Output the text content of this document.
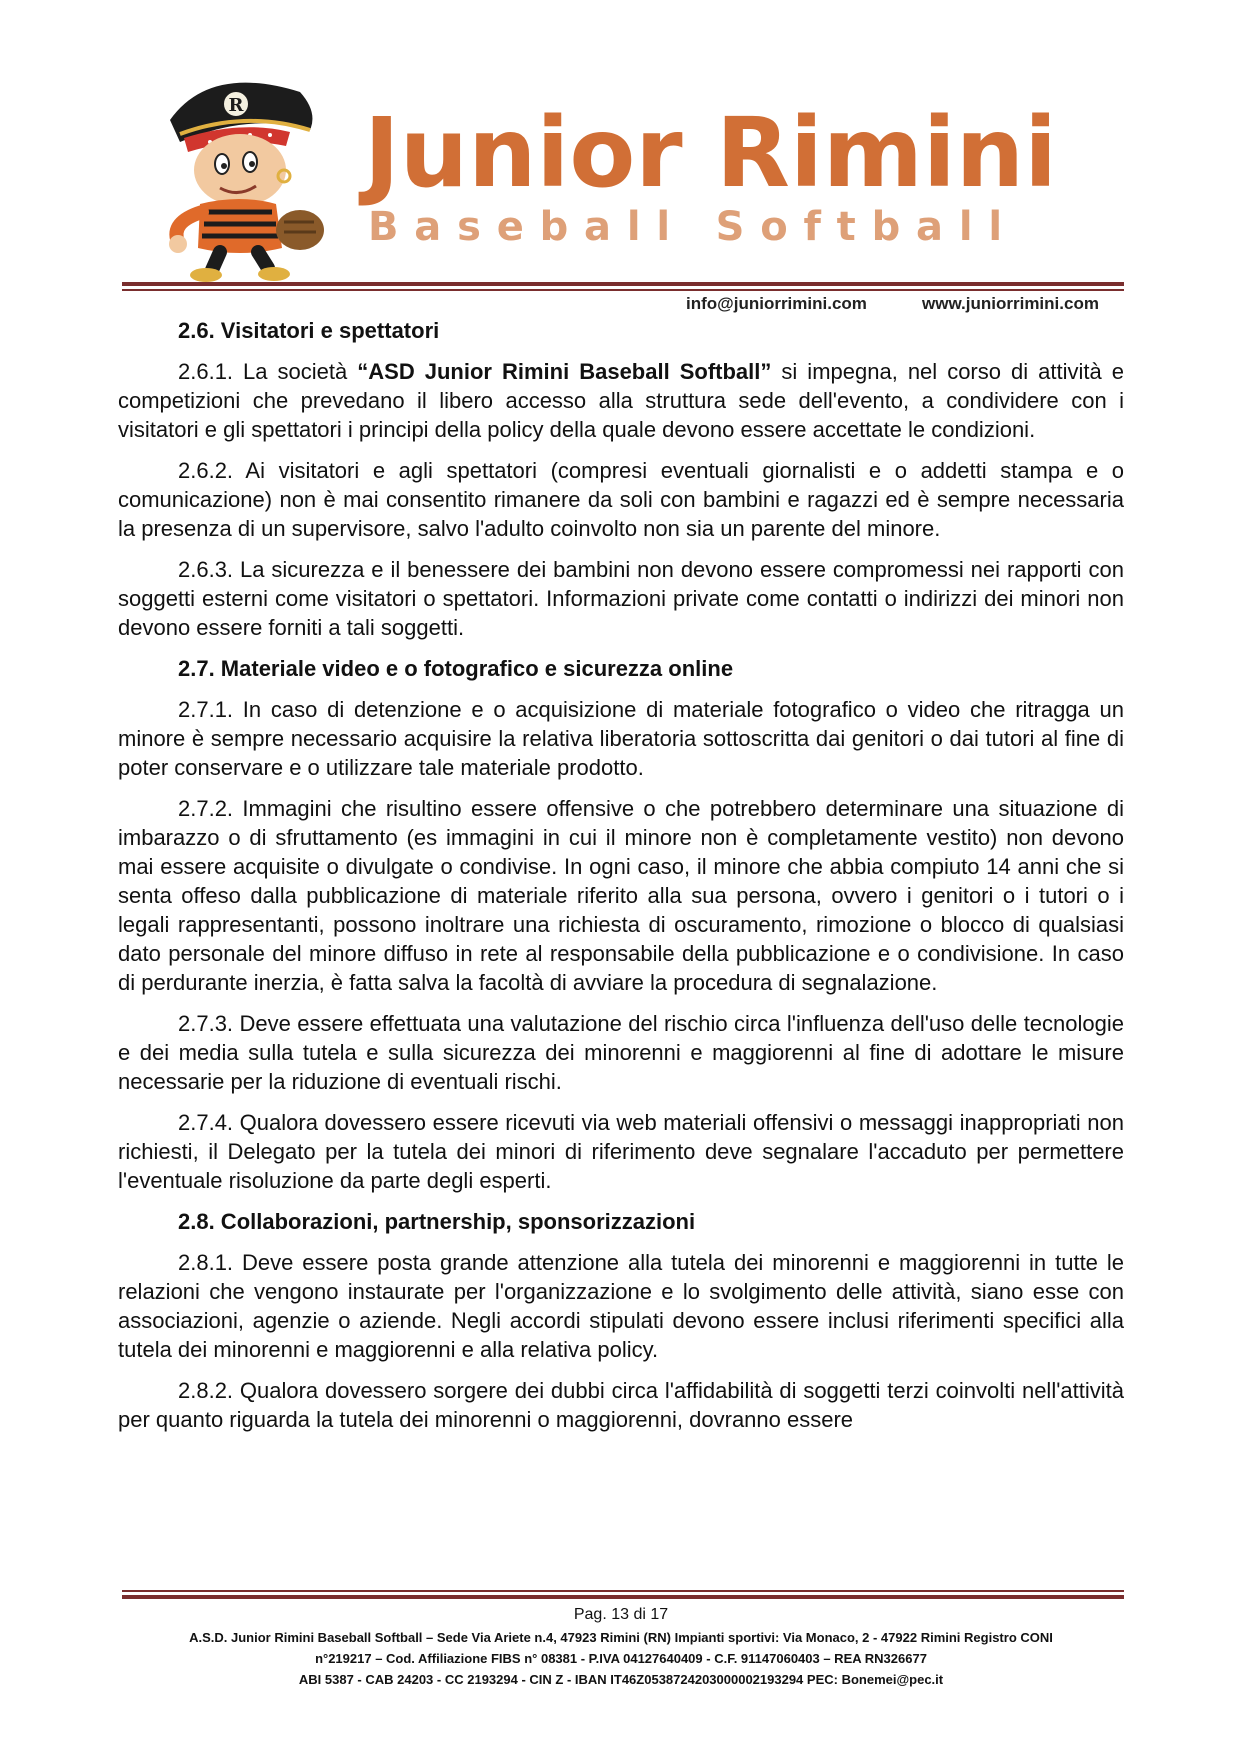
R Junior Rimini
Baseball Softball
info@juniorrimini.com	www.juniorrimini.com
2.6. Visitatori e spettatori

2.6.1. La società “ASD Junior Rimini Baseball Softball” si impegna, nel corso di attività e competizioni che prevedano il libero accesso alla struttura sede dell'evento, a condividere con i visitatori e gli spettatori i principi della policy della quale devono essere accettate le condizioni.

2.6.2. Ai visitatori e agli spettatori (compresi eventuali giornalisti e o addetti stampa e o comunicazione) non è mai consentito rimanere da soli con bambini e ragazzi ed è sempre necessaria la presenza di un supervisore, salvo l'adulto coinvolto non sia un parente del minore.

2.6.3. La sicurezza e il benessere dei bambini non devono essere compromessi nei rapporti con soggetti esterni come visitatori o spettatori. Informazioni private come contatti o indirizzi dei minori non devono essere forniti a tali soggetti.

2.7. Materiale video e o fotografico e sicurezza online

2.7.1. In caso di detenzione e o acquisizione di materiale fotografico o video che ritragga un minore è sempre necessario acquisire la relativa liberatoria sottoscritta dai genitori o dai tutori al fine di poter conservare e o utilizzare tale materiale prodotto.

2.7.2. Immagini che risultino essere offensive o che potrebbero determinare una situazione di imbarazzo o di sfruttamento (es immagini in cui il minore non è completamente vestito) non devono mai essere acquisite o divulgate o condivise. In ogni caso, il minore che abbia compiuto 14 anni che si senta offeso dalla pubblicazione di materiale riferito alla sua persona, ovvero i genitori o i tutori o i legali rappresentanti, possono inoltrare una richiesta di oscuramento, rimozione o blocco di qualsiasi dato personale del minore diffuso in rete al responsabile della pubblicazione e o condivisione. In caso di perdurante inerzia, è fatta salva la facoltà di avviare la procedura di segnalazione.

2.7.3. Deve essere effettuata una valutazione del rischio circa l'influenza dell'uso delle tecnologie e dei media sulla tutela e sulla sicurezza dei minorenni e maggiorenni al fine di adottare le misure necessarie per la riduzione di eventuali rischi.

2.7.4. Qualora dovessero essere ricevuti via web materiali offensivi o messaggi inappropriati non richiesti, il Delegato per la tutela dei minori di riferimento deve segnalare l'accaduto per permettere l'eventuale risoluzione da parte degli esperti.

2.8. Collaborazioni, partnership, sponsorizzazioni

2.8.1. Deve essere posta grande attenzione alla tutela dei minorenni e maggiorenni in tutte le relazioni che vengono instaurate per l'organizzazione e lo svolgimento delle attività, siano esse con associazioni, agenzie o aziende. Negli accordi stipulati devono essere inclusi riferimenti specifici alla tutela dei minorenni e maggiorenni e alla relativa policy.

2.8.2. Qualora dovessero sorgere dei dubbi circa l'affidabilità di soggetti terzi coinvolti nell'attività per quanto riguarda la tutela dei minorenni o maggiorenni, dovranno essere

Pag. 13 di 17
A.S.D. Junior Rimini Baseball Softball – Sede Via Ariete n.4, 47923 Rimini (RN) Impianti sportivi: Via Monaco, 2 - 47922 Rimini Registro CONI
n°219217 – Cod. Affiliazione FIBS n° 08381 - P.IVA 04127640409 - C.F. 91147060403 – REA RN326677
ABI 5387 - CAB 24203 - CC 2193294 - CIN Z - IBAN IT46Z0538724203000002193294 PEC: Bonemei@pec.it
